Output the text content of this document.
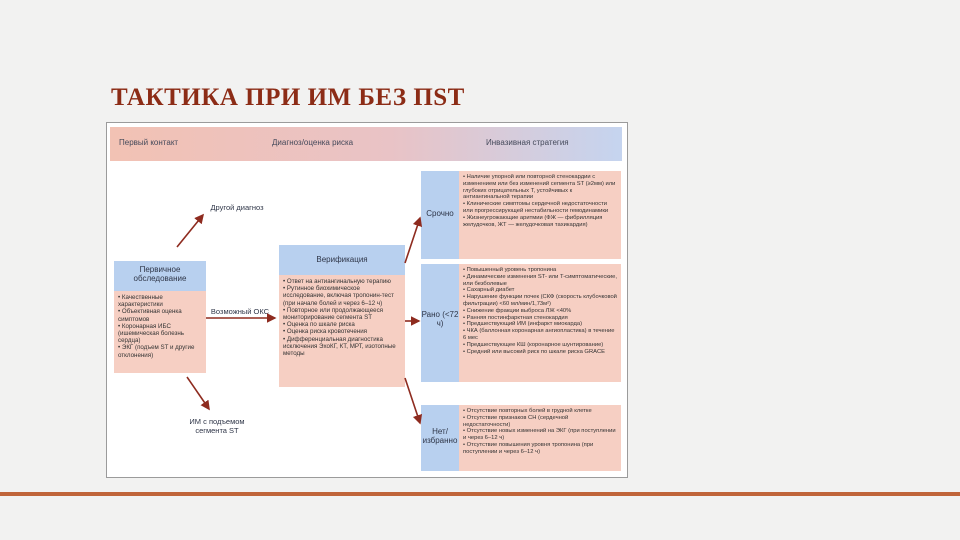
ТАКТИКА ПРИ ИМ БЕЗ ПST
Первый контакт	Диагноз/оценка риска	Инвазивная стратегия
Первичное обследование
• Качественные характеристики
• Объективная оценка симптомов
• Коронарная ИБС (ишемическая болезнь сердца)
• ЭКГ (подъем ST и другие отклонения)
Возможный ОКС
Другой диагноз
ИМ с подъемом сегмента ST
Верификация
• Ответ на антиангинальную терапию
• Рутинное биохимическое исследование, включая тропонин-тест (при начале болей и через 6–12 ч)
• Повторное или продолжающееся мониторирование сегмента ST
• Оценка по шкале риска
• Оценка риска кровотечения
• Дифференциальная диагностика исключения ЭхоКГ, КТ, МРТ, изотопные методы
Срочно
• Наличие упорной или повторной стенокардии с изменением или без изменений сегмента ST (≥2мм) или глубоких отрицательных T, устойчивых к антиангинальной терапии
• Клинические симптомы сердечной недостаточности или прогрессирующей нестабильности гемодинамики
• Жизнеугрожающие аритмии (ФЖ — фибрилляция желудочков, ЖТ — желудочковая тахикардия)
Рано (<72 ч)
• Повышенный уровень тропонина
• Динамические изменения ST- или T-симптоматические, или безболевые
• Сахарный диабет
• Нарушение функции почек (СКФ (скорость клубочковой фильтрации) <60 мл/мин/1,73м²)
• Снижение фракции выброса ЛЖ <40%
• Ранняя постинфарктная стенокардия
• Предшествующий ИМ (инфаркт миокарда)
• ЧКА (баллонная коронарная ангиопластика) в течение 6 мес
• Предшествующее КШ (коронарное шунтирование)
• Средний или высокий риск по шкале риска GRACE
Нет/ избранно
• Отсутствие повторных болей в грудной клетке
• Отсутствие признаков СН (сердечной недостаточности)
• Отсутствие новых изменений на ЭКГ (при поступлении и через 6–12 ч)
• Отсутствие повышения уровня тропонина (при поступлении и через 6–12 ч)
